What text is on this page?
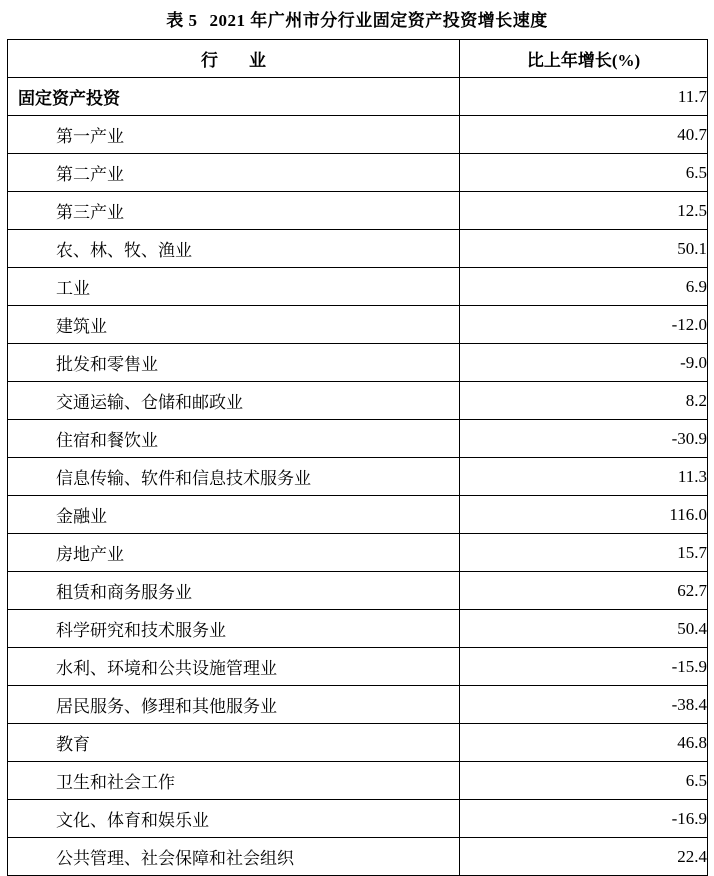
表 5 2021 年广州市分行业固定资产投资增长速度
行　业	比上年增长(%)
固定资产投资	11.7
第一产业	40.7
第二产业	6.5
第三产业	12.5
农、林、牧、渔业	50.1
工业	6.9
建筑业	-12.0
批发和零售业	-9.0
交通运输、仓储和邮政业	8.2
住宿和餐饮业	-30.9
信息传输、软件和信息技术服务业	11.3
金融业	116.0
房地产业	15.7
租赁和商务服务业	62.7
科学研究和技术服务业	50.4
水利、环境和公共设施管理业	-15.9
居民服务、修理和其他服务业	-38.4
教育	46.8
卫生和社会工作	6.5
文化、体育和娱乐业	-16.9
公共管理、社会保障和社会组织	22.4
